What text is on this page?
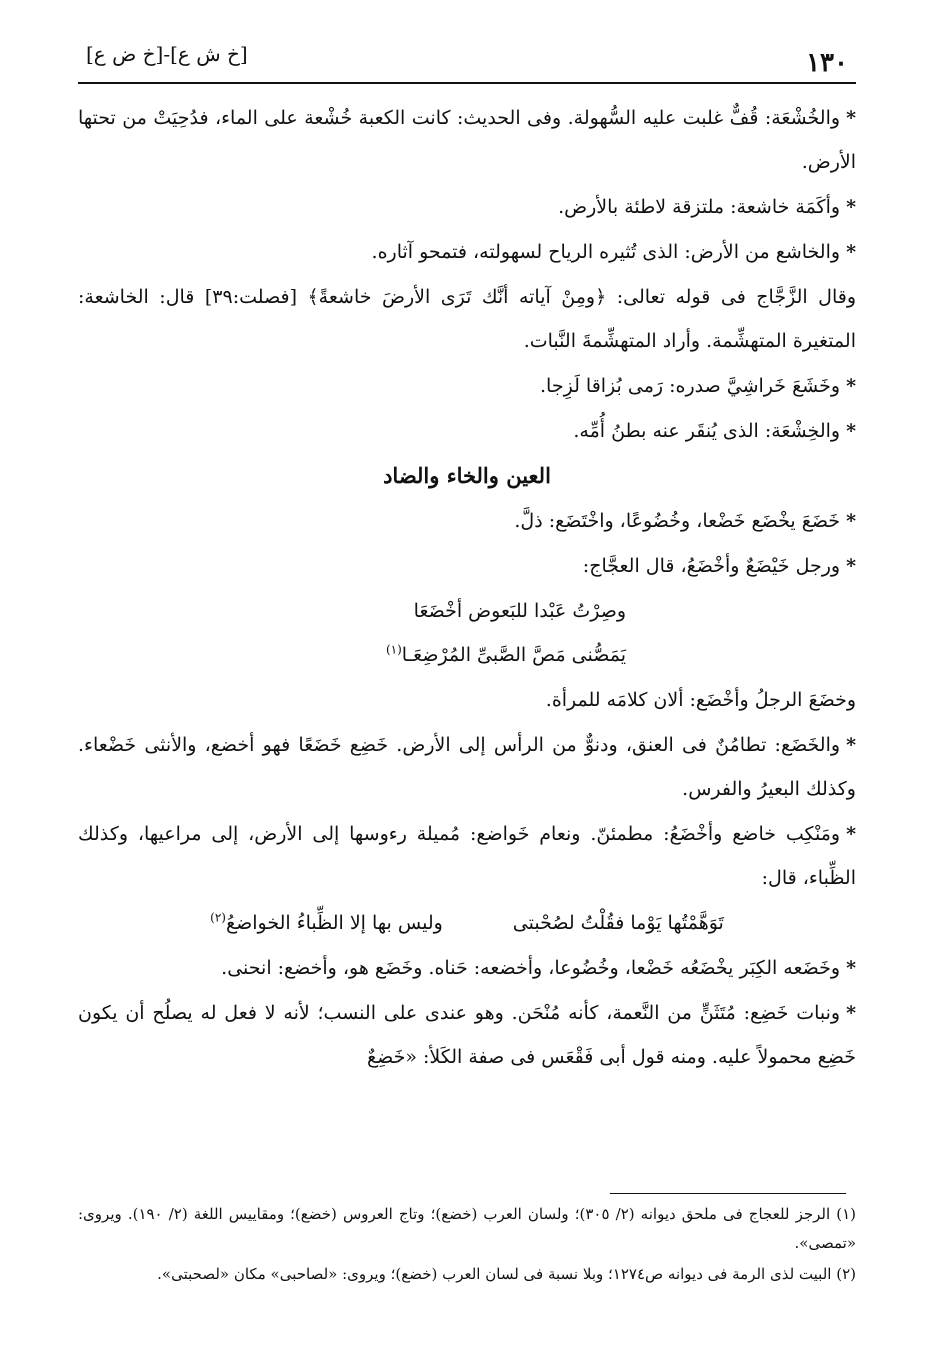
١٣٠
[خ ش ع]-[خ ض ع]

*والخُشْعَة: قُفٌّ غلبت عليه السُّهولة. وفى الحديث: كانت الكعبة خُشْعة على الماء، فدُحِيَتْ من تحتها الأرض.

*وأكَمَة خاشعة: ملتزقة لاطئة بالأرض.

*والخاشع من الأرض: الذى تُثيره الرياح لسهولته، فتمحو آثاره.

وقال الزَّجَّاج فى قوله تعالى: ﴿ومِنْ آياته أنَّك تَرَى الأرضَ خاشعةً﴾ [فصلت:٣٩] قال: الخاشعة: المتغيرة المتهشِّمة. وأراد المتهشِّمةَ النَّبات.

*وخَشَعَ خَراشِيَّ صدره: رَمى بُزاقا لَزِجا.

*والخِشْعَة: الذى يُنقَر عنه بطنُ أُمِّه.

العين والخاء والضاد

*خَضَعَ يخْضَع خَضْعا، وخُضُوعًا، واخْتَضَع: ذلَّ.

*ورجل خَيْضَعٌ وأخْضَعُ، قال العجَّاج:

وصِرْتُ عَبْدا للبَعوض أخْضَعَا
يَمَصُّنى مَصَّ الصَّبىِّ المُرْضِعَـا$^{(١)}$

وخضَعَ الرجلُ وأخْضَع: ألان كلامَه للمرأة.

*والخَضَع: تطامُنٌ فى العنق، ودنوٌّ من الرأس إلى الأرض. خَضِع خَضَعًا فهو أخضع، والأنثى خَضْعاء. وكذلك البعيرُ والفرس.

*ومَنْكِب خاضع وأخْضَعُ: مطمئنّ. ونعام خَواضع: مُميلة رءوسها إلى الأرض، إلى مراعيها، وكذلك الظِّباء، قال:

تَوَهَّمْتُها يَوْما فقُلْتُ لصُحْبتى
وليس بها إلا الظِّباءُ الخواضعُ$^{(٢)}$

*وخَضَعه الكِبَر يخْضَعُه خَضْعا، وخُضُوعا، وأخضعه: حَناه. وخَضَع هو، وأخضع: انحنى.

*ونبات خَضِع: مُتَثَنٍّ من النَّعمة، كأنه مُنْحَن. وهو عندى على النسب؛ لأنه لا فعل له يصلُح أن يكون خَضِع محمولاً عليه. ومنه قول أبى فَقْعَس فى صفة الكَلأ: «خَضِعٌ

(١) الرجز للعجاج فى ملحق ديوانه (٢/ ٣٠٥)؛ ولسان العرب (خضع)؛ وتاج العروس (خضع)؛ ومقاييس اللغة (٢/ ١٩٠). ويروى: «تمصى».

(٢) البيت لذى الرمة فى ديوانه ص١٢٧٤؛ وبلا نسبة فى لسان العرب (خضع)؛ ويروى: «لصاحبى» مكان «لصحبتى».
